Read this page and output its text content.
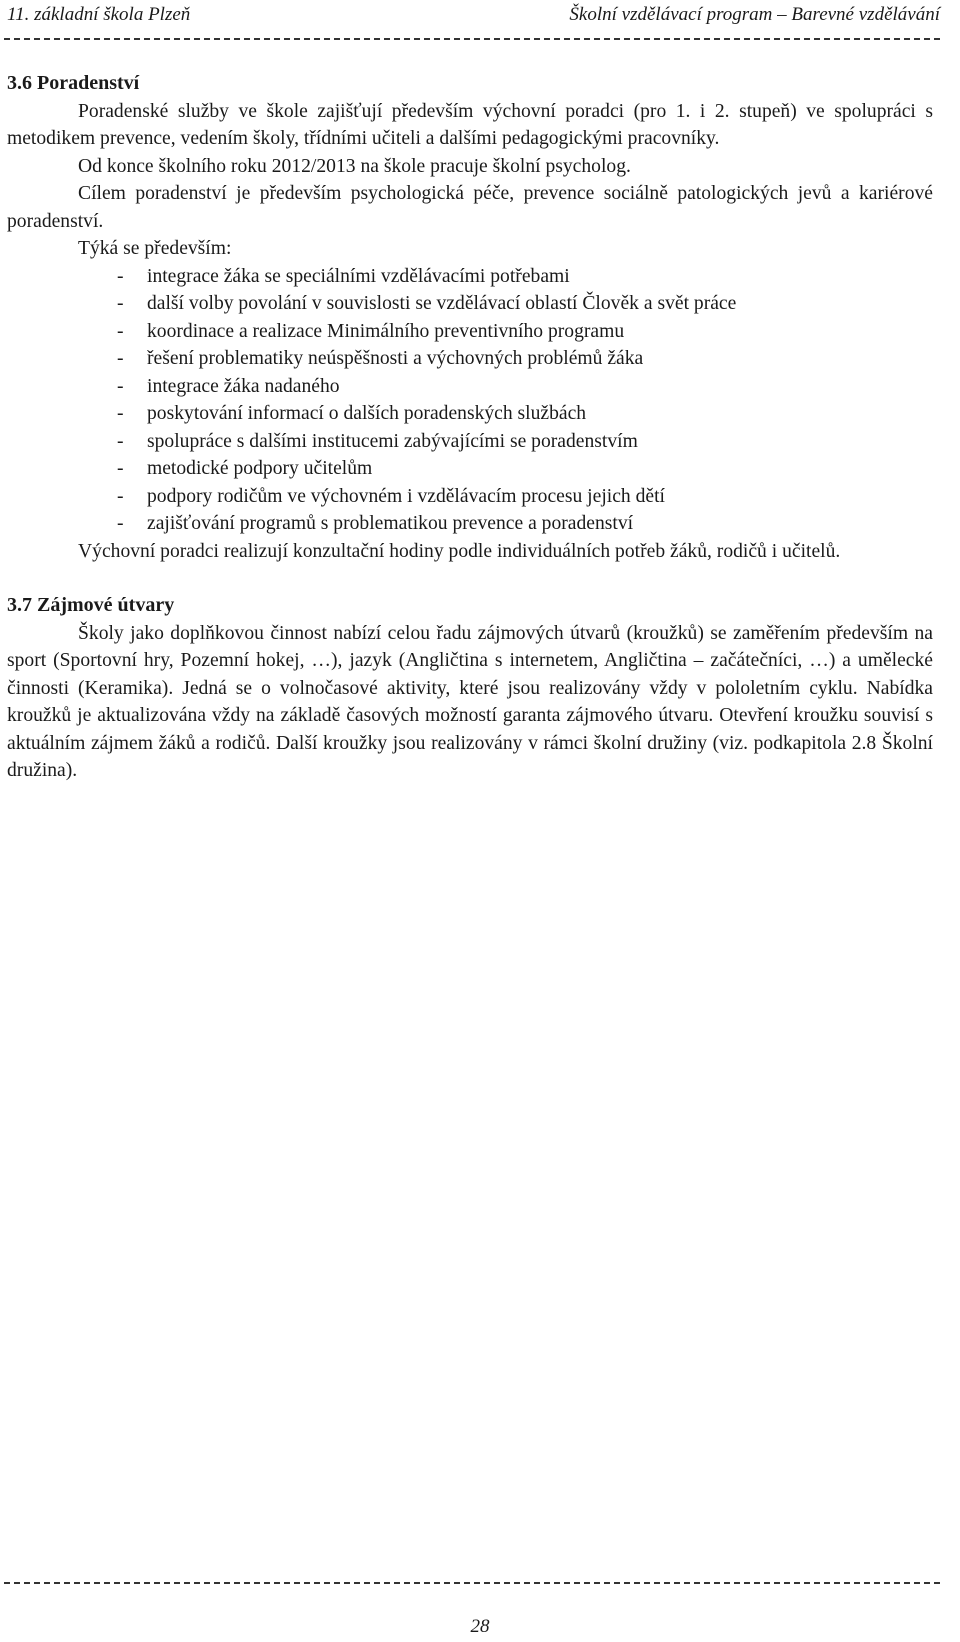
11. základní škola Plzeň	Školní vzdělávací program – Barevné vzdělávání
3.6 Poradenství

Poradenské služby ve škole zajišťují především výchovní poradci (pro 1. i 2. stupeň) ve spolupráci s metodikem prevence, vedením školy, třídními učiteli a dalšími pedagogickými pracovníky.

Od konce školního roku 2012/2013 na škole pracuje školní psycholog.

Cílem poradenství je především psychologická péče, prevence sociálně patologických jevů a kariérové poradenství.

Týká se především:

- integrace žáka se speciálními vzdělávacími potřebami
- další volby povolání v souvislosti se vzdělávací oblastí Člověk a svět práce
- koordinace a realizace Minimálního preventivního programu
- řešení problematiky neúspěšnosti a výchovných problémů žáka
- integrace žáka nadaného
- poskytování informací o dalších poradenských službách
- spolupráce s dalšími institucemi zabývajícími se poradenstvím
- metodické podpory učitelům
- podpory rodičům ve výchovném i vzdělávacím procesu jejich dětí
- zajišťování programů s problematikou prevence a poradenství

Výchovní poradci realizují konzultační hodiny podle individuálních potřeb žáků, rodičů i učitelů.

3.7 Zájmové útvary

Školy jako doplňkovou činnost nabízí celou řadu zájmových útvarů (kroužků) se zaměřením především na sport (Sportovní hry, Pozemní hokej, …), jazyk (Angličtina s internetem, Angličtina – začátečníci, …) a umělecké činnosti (Keramika). Jedná se o volnočasové aktivity, které jsou realizovány vždy v pololetním cyklu. Nabídka kroužků je aktualizována vždy na základě časových možností garanta zájmového útvaru. Otevření kroužku souvisí s aktuálním zájmem žáků a rodičů. Další kroužky jsou realizovány v rámci školní družiny (viz. podkapitola 2.8 Školní družina).

28
